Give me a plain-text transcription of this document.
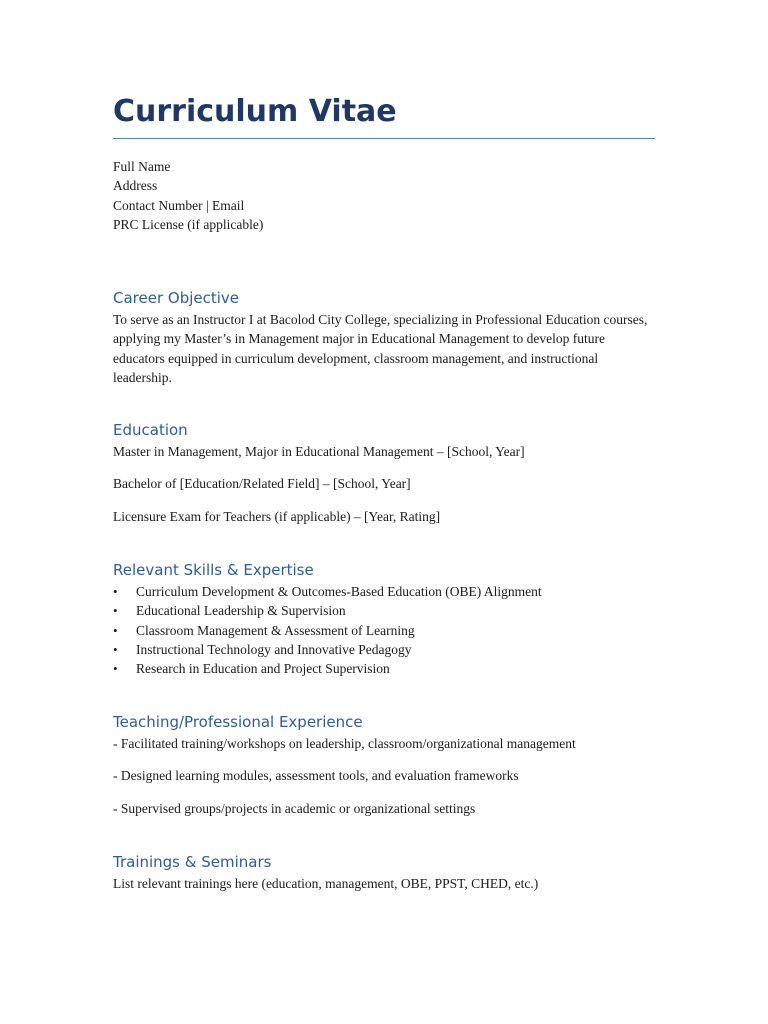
Curriculum Vitae

Full Name

Address

Contact Number | Email

PRC License (if applicable)

Career Objective

To serve as an Instructor I at Bacolod City College, specializing in Professional Education courses, applying my Master’s in Management major in Educational Management to develop future educators equipped in curriculum development, classroom management, and instructional leadership.

Education

Master in Management, Major in Educational Management – [School, Year]

Bachelor of [Education/Related Field] – [School, Year]

Licensure Exam for Teachers (if applicable) – [Year, Rating]

Relevant Skills & Expertise
• Curriculum Development & Outcomes-Based Education (OBE) Alignment
• Educational Leadership & Supervision
• Classroom Management & Assessment of Learning
• Instructional Technology and Innovative Pedagogy
• Research in Education and Project Supervision
Teaching/Professional Experience

- Facilitated training/workshops on leadership, classroom/organizational management

- Designed learning modules, assessment tools, and evaluation frameworks

- Supervised groups/projects in academic or organizational settings

Trainings & Seminars

List relevant trainings here (education, management, OBE, PPST, CHED, etc.)
